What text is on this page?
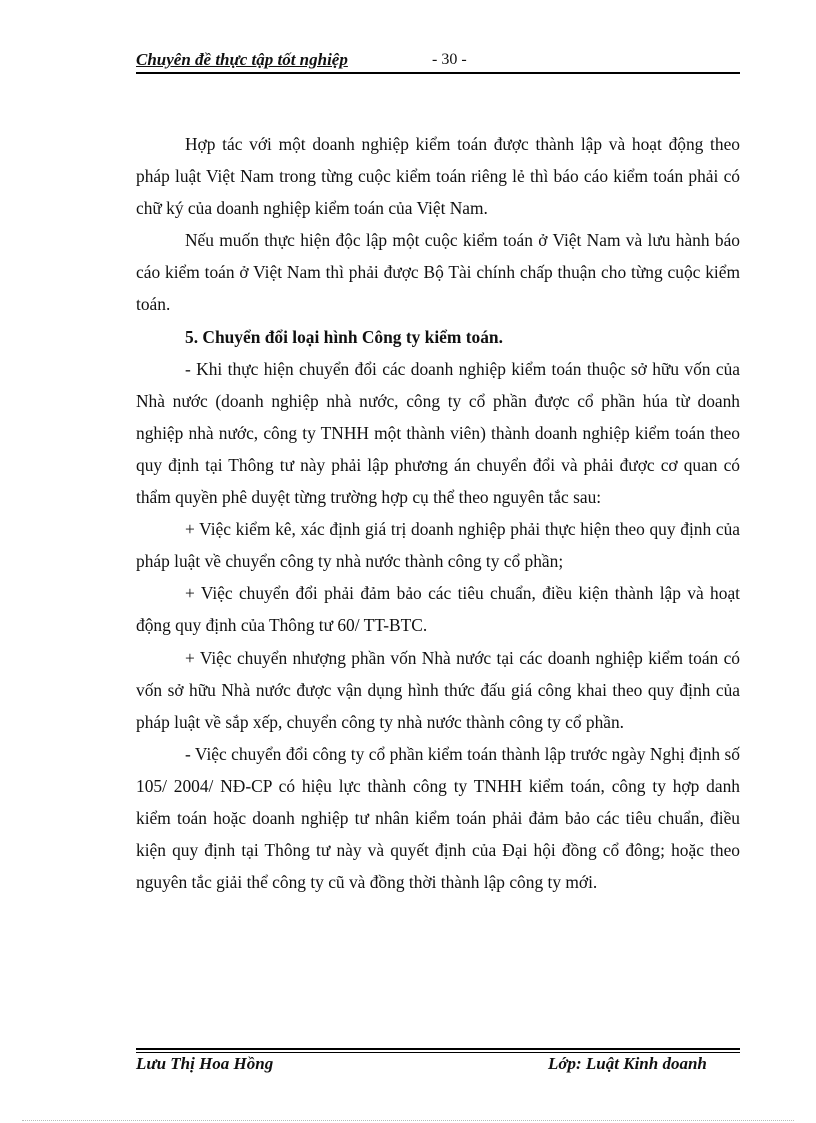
Chuyên đề thực tập tốt nghiệp	- 30 -

Hợp tác với một doanh nghiệp kiểm toán được thành lập và hoạt động theo pháp luật Việt Nam trong từng cuộc kiểm toán riêng lẻ thì báo cáo kiểm toán phải có chữ ký của doanh nghiệp kiểm toán của Việt Nam.

Nếu muốn thực hiện độc lập một cuộc kiểm toán ở Việt Nam và lưu hành báo cáo kiểm toán ở Việt Nam thì phải được Bộ Tài chính chấp thuận cho từng cuộc kiểm toán.

5. Chuyển đổi loại hình Công ty kiểm toán.

- Khi thực hiện chuyển đổi các doanh nghiệp kiểm toán thuộc sở hữu vốn của Nhà nước (doanh nghiệp nhà nước, công ty cổ phần được cổ phần húa từ doanh nghiệp nhà nước, công ty TNHH một thành viên) thành doanh nghiệp kiểm toán theo quy định tại Thông tư này phải lập phương án chuyển đổi và phải được cơ quan có thẩm quyền phê duyệt từng trường hợp cụ thể theo nguyên tắc sau:

+ Việc kiểm kê, xác định giá trị doanh nghiệp phải thực hiện theo quy định của pháp luật về chuyển công ty nhà nước thành công ty cổ phần;

+ Việc chuyển đổi phải đảm bảo các tiêu chuẩn, điều kiện thành lập và hoạt động quy định của Thông tư 60/ TT-BTC.

+ Việc chuyển nhượng phần vốn Nhà nước tại các doanh nghiệp kiểm toán có vốn sở hữu Nhà nước được vận dụng hình thức đấu giá công khai theo quy định của pháp luật về sắp xếp, chuyển công ty nhà nước thành công ty cổ phần.

- Việc chuyển đổi công ty cổ phần kiểm toán thành lập trước ngày Nghị định số 105/ 2004/ NĐ-CP có hiệu lực thành công ty TNHH kiểm toán, công ty hợp danh kiểm toán hoặc doanh nghiệp tư nhân kiểm toán phải đảm bảo các tiêu chuẩn, điều kiện quy định tại Thông tư này và quyết định của Đại hội đồng cổ đông; hoặc theo nguyên tắc giải thể công ty cũ và đồng thời thành lập công ty mới.

Lưu Thị Hoa Hồng	Lớp: Luật Kinh doanh
